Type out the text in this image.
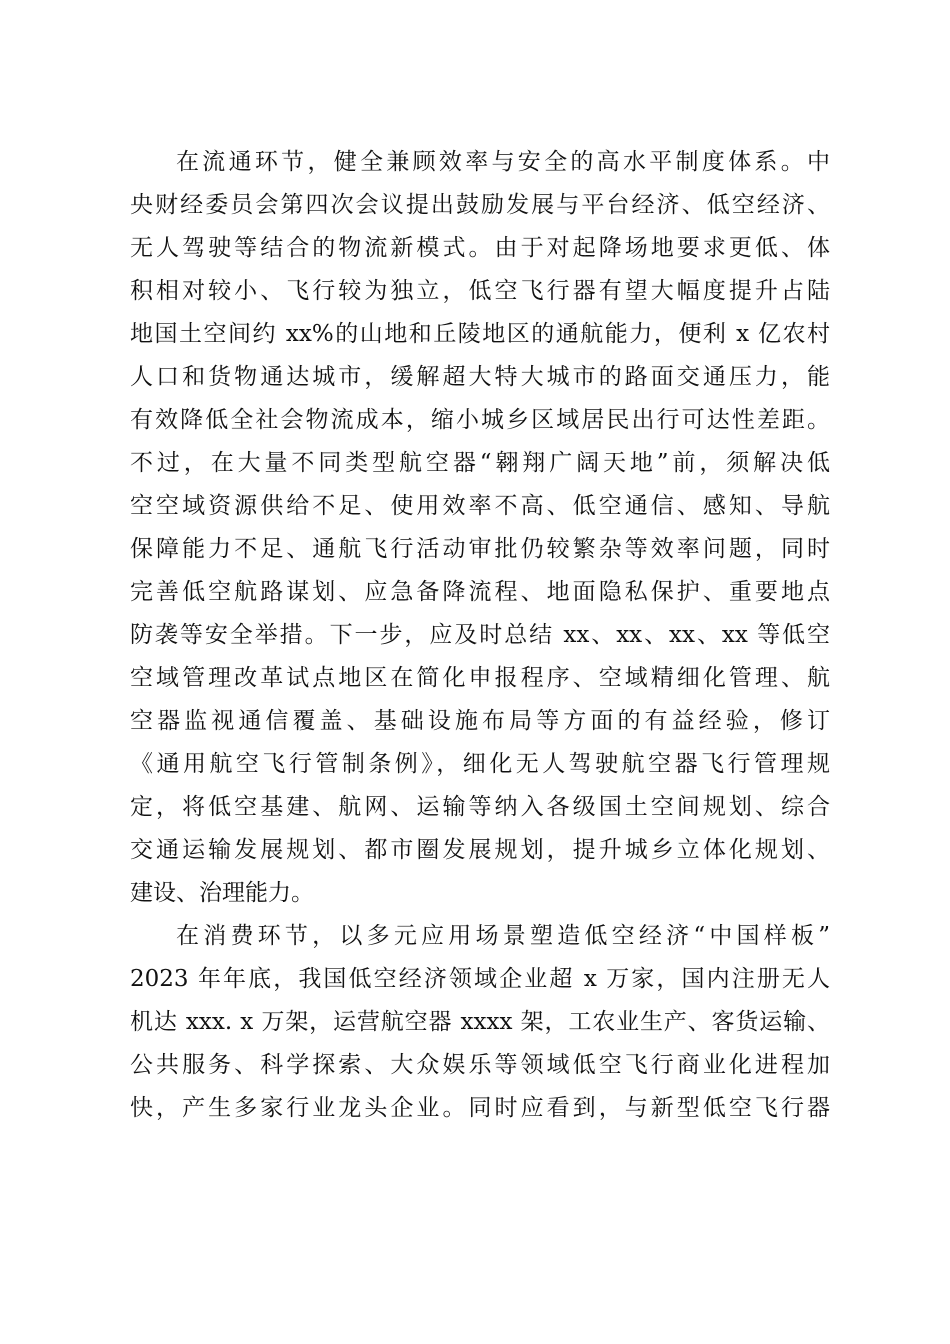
在流通环节，健全兼顾效率与安全的高水平制度体系。中
央财经委员会第四次会议提出鼓励发展与平台经济、低空经济、
无人驾驶等结合的物流新模式。由于对起降场地要求更低、体
积相对较小、飞行较为独立，低空飞行器有望大幅度提升占陆
地国土空间约 xx%的山地和丘陵地区的通航能力，便利 x 亿农村
人口和货物通达城市，缓解超大特大城市的路面交通压力，能
有效降低全社会物流成本，缩小城乡区域居民出行可达性差距。
不过，在大量不同类型航空器“翱翔广阔天地”前，须解决低
空空域资源供给不足、使用效率不高、低空通信、感知、导航
保障能力不足、通航飞行活动审批仍较繁杂等效率问题，同时
完善低空航路谋划、应急备降流程、地面隐私保护、重要地点
防袭等安全举措。下一步，应及时总结 xx、xx、xx、xx 等低空
空域管理改革试点地区在简化申报程序、空域精细化管理、航
空器监视通信覆盖、基础设施布局等方面的有益经验，修订
《通用航空飞行管制条例》，细化无人驾驶航空器飞行管理规
定，将低空基建、航网、运输等纳入各级国土空间规划、综合
交通运输发展规划、都市圈发展规划，提升城乡立体化规划、
建设、治理能力。
在消费环节，以多元应用场景塑造低空经济“中国样板”
2023 年年底，我国低空经济领域企业超 x 万家，国内注册无人
机达 xxx. x 万架，运营航空器 xxxx 架，工农业生产、客货运输、
公共服务、科学探索、大众娱乐等领域低空飞行商业化进程加
快，产生多家行业龙头企业。同时应看到，与新型低空飞行器
